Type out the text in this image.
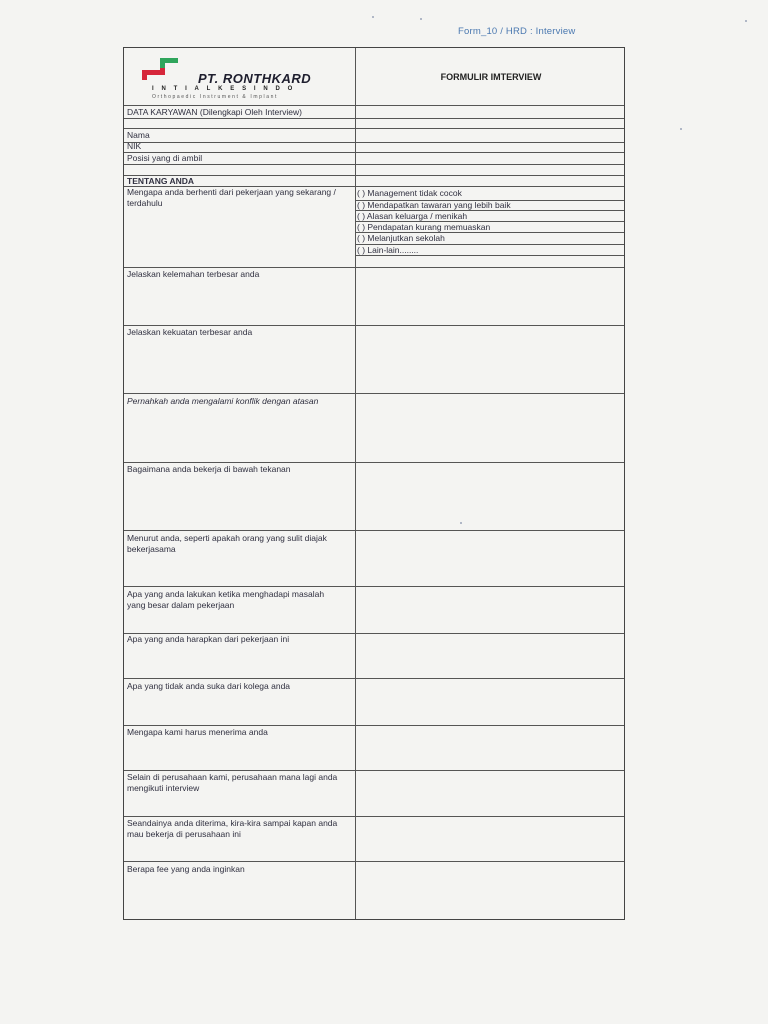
Form_10 / HRD : Interview
PT. RONTHKARD
INTIALKESINDO
Orthopaedic Instrument & Implant
FORMULIR IMTERVIEW
DATA KARYAWAN (Dilengkapi Oleh Interview)
Nama
NIK
Posisi yang di ambil
TENTANG ANDA
Mengapa anda berhenti dari pekerjaan yang sekarang / terdahulu
( ) Management tidak cocok
( ) Mendapatkan tawaran yang lebih baik
( ) Alasan keluarga / menikah
( ) Pendapatan kurang memuaskan
( ) Melanjutkan sekolah
( ) Lain-lain........
Jelaskan kelemahan terbesar anda
Jelaskan kekuatan terbesar anda
Pernahkah anda mengalami konflik dengan atasan
Bagaimana anda bekerja di bawah tekanan
Menurut anda, seperti apakah orang yang sulit diajak bekerjasama
Apa yang anda lakukan ketika menghadapi masalah yang besar dalam pekerjaan
Apa yang anda harapkan dari pekerjaan ini
Apa yang tidak anda suka dari kolega anda
Mengapa kami harus menerima anda
Selain di perusahaan kami, perusahaan mana lagi anda mengikuti interview
Seandainya anda diterima, kira-kira sampai kapan anda mau bekerja di perusahaan ini
Berapa fee yang anda inginkan
